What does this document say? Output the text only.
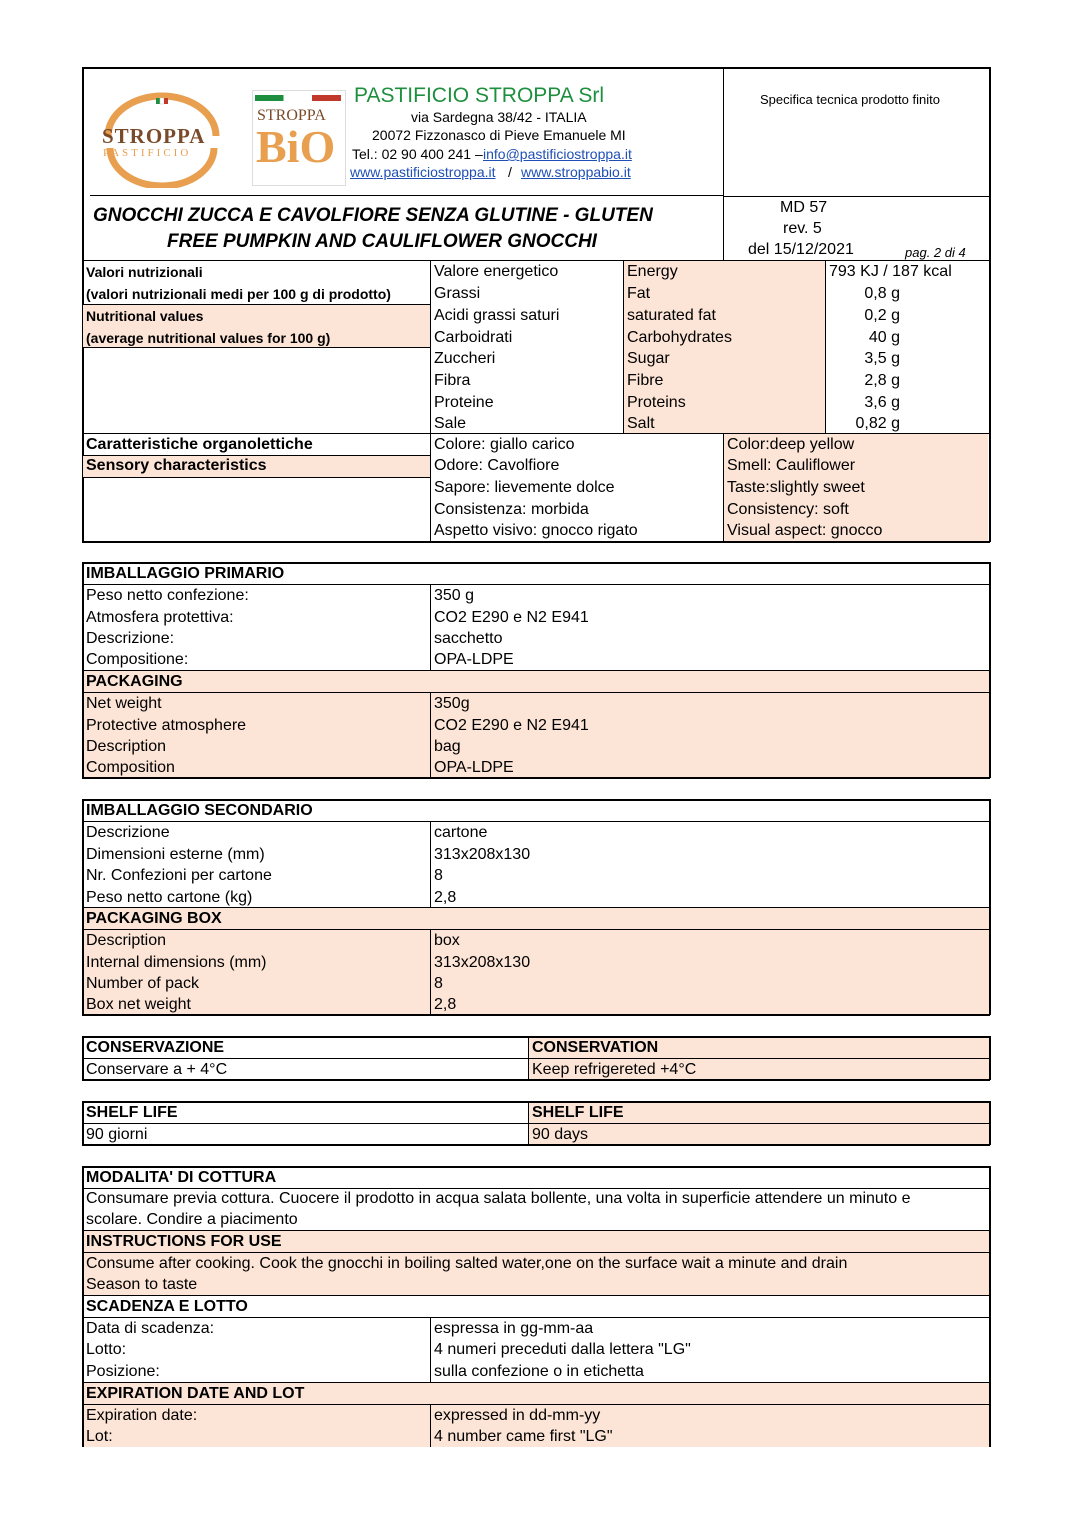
STROPPA
PASTIFICIO
STROPPA
BiO
PASTIFICIO STROPPA Srl
via Sardegna 38/42 - ITALIA
20072 Fizzonasco di Pieve Emanuele MI
Tel.: 02 90 400 241 – info@pastificiostroppa.it
www.pastificiostroppa.it / www.stroppabio.it
Specifica tecnica prodotto finito
GNOCCHI ZUCCA E CAVOLFIORE SENZA GLUTINE - GLUTEN
FREE PUMPKIN AND CAULIFLOWER GNOCCHI
MD 57
rev. 5
del 15/12/2021	pag. 2 di 4
Valori nutrizionali
(valori nutrizionali medi per 100 g di prodotto)
Nutritional values
(average nutritional values for 100 g)
Valore energetico	Energy	793 KJ / 187 kcal
Grassi	Fat	0,8 g
Acidi grassi saturi	saturated fat	0,2 g
Carboidrati	Carbohydrates	40 g
Zuccheri	Sugar	3,5 g
Fibra	Fibre	2,8 g
Proteine	Proteins	3,6 g
Sale	Salt	0,82 g
Caratteristiche organolettiche
Sensory characteristics
Colore: giallo carico	Color:deep yellow
Odore: Cavolfiore	Smell: Cauliflower
Sapore: lievemente dolce	Taste:slightly sweet
Consistenza: morbida	Consistency: soft
Aspetto visivo: gnocco rigato	Visual aspect: gnocco
IMBALLAGGIO PRIMARIO
Peso netto confezione:	350 g
Atmosfera protettiva:	CO2 E290 e N2 E941
Descrizione:	sacchetto
Compositione:	OPA-LDPE
PACKAGING
Net weight	350g
Protective atmosphere	CO2 E290 e N2 E941
Description	bag
Composition	OPA-LDPE
IMBALLAGGIO SECONDARIO
Descrizione	cartone
Dimensioni esterne (mm)	313x208x130
Nr. Confezioni per cartone	8
Peso netto cartone (kg)	2,8
PACKAGING BOX
Description	box
Internal dimensions (mm)	313x208x130
Number of pack	8
Box net weight	2,8
CONSERVAZIONE	CONSERVATION
Conservare a + 4°C	Keep refrigereted +4°C
SHELF LIFE	SHELF LIFE
90 giorni	90 days
MODALITA' DI COTTURA
Consumare previa cottura. Cuocere il prodotto in acqua salata bollente, una volta in superficie attendere un minuto e
scolare. Condire a piacimento
INSTRUCTIONS FOR USE
Consume after cooking. Cook the gnocchi in boiling salted water,one on the surface wait a minute and drain
Season to taste
SCADENZA E LOTTO
Data di scadenza:	espressa in gg-mm-aa
Lotto:	4 numeri preceduti dalla lettera "LG"
Posizione:	sulla confezione o in etichetta
EXPIRATION DATE AND LOT
Expiration date:	expressed in dd-mm-yy
Lot:	4 number came first "LG"
